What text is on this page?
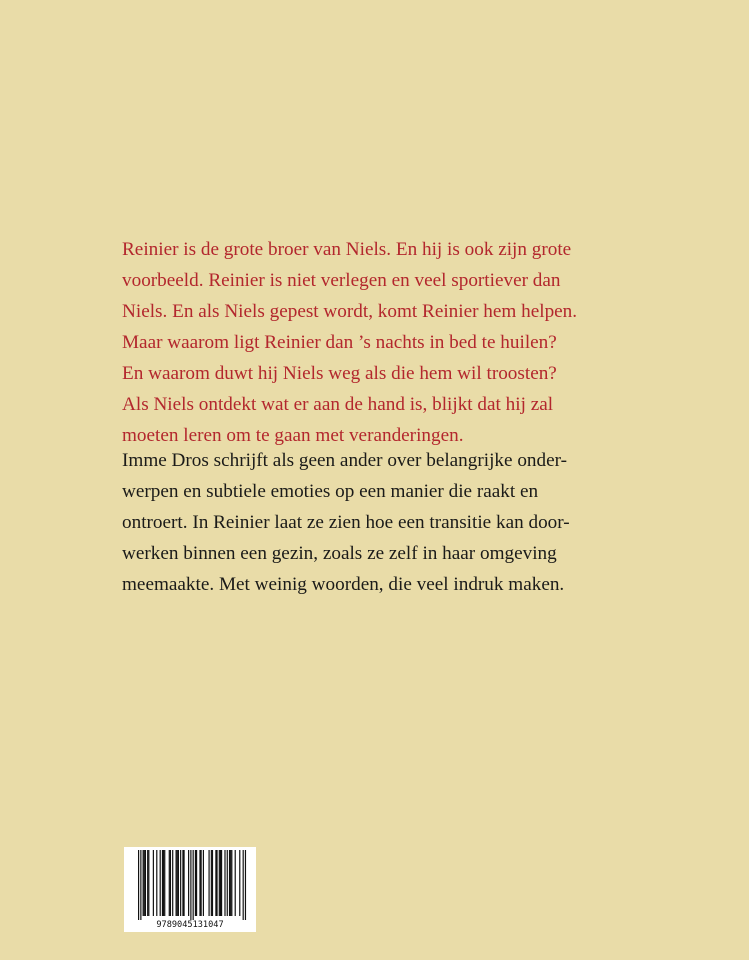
Reinier is de grote broer van Niels. En hij is ook zijn grote
voorbeeld. Reinier is niet verlegen en veel sportiever dan
Niels. En als Niels gepest wordt, komt Reinier hem helpen.
Maar waarom ligt Reinier dan ’s nachts in bed te huilen?
En waarom duwt hij Niels weg als die hem wil troosten?
Als Niels ontdekt wat er aan de hand is, blijkt dat hij zal
moeten leren om te gaan met veranderingen.

Imme Dros schrijft als geen ander over belangrijke onder-
werpen en subtiele emoties op een manier die raakt en
ontroert. In Reinier laat ze zien hoe een transitie kan door-
werken binnen een gezin, zoals ze zelf in haar omgeving
meemaakte. Met weinig woorden, die veel indruk maken.

9789045131047
